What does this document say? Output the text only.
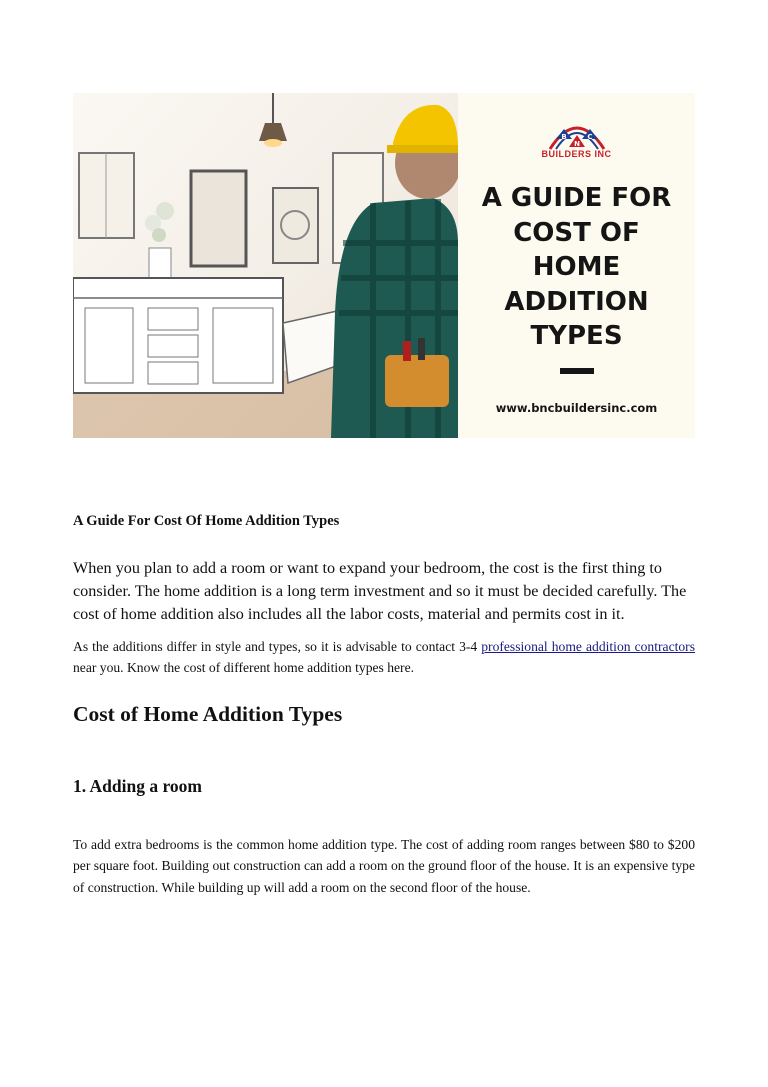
B
N
C
BUILDERS INC
A GUIDE FOR
COST OF
HOME
ADDITION
TYPES
www.bncbuildersinc.com
A Guide For Cost Of Home Addition Types
When you plan to add a room or want to expand your bedroom, the cost is the first thing to consider. The home addition is a long term investment and so it must be decided carefully. The cost of home addition also includes all the labor costs, material and permits cost in it.
As the additions differ in style and types, so it is advisable to contact 3-4 professional home addition contractors near you. Know the cost of different home addition types here.
Cost of Home Addition Types
1. Adding a room
To add extra bedrooms is the common home addition type. The cost of adding room ranges between $80 to $200 per square foot. Building out construction can add a room on the ground floor of the house. It is an expensive type of construction. While building up will add a room on the second floor of the house.
